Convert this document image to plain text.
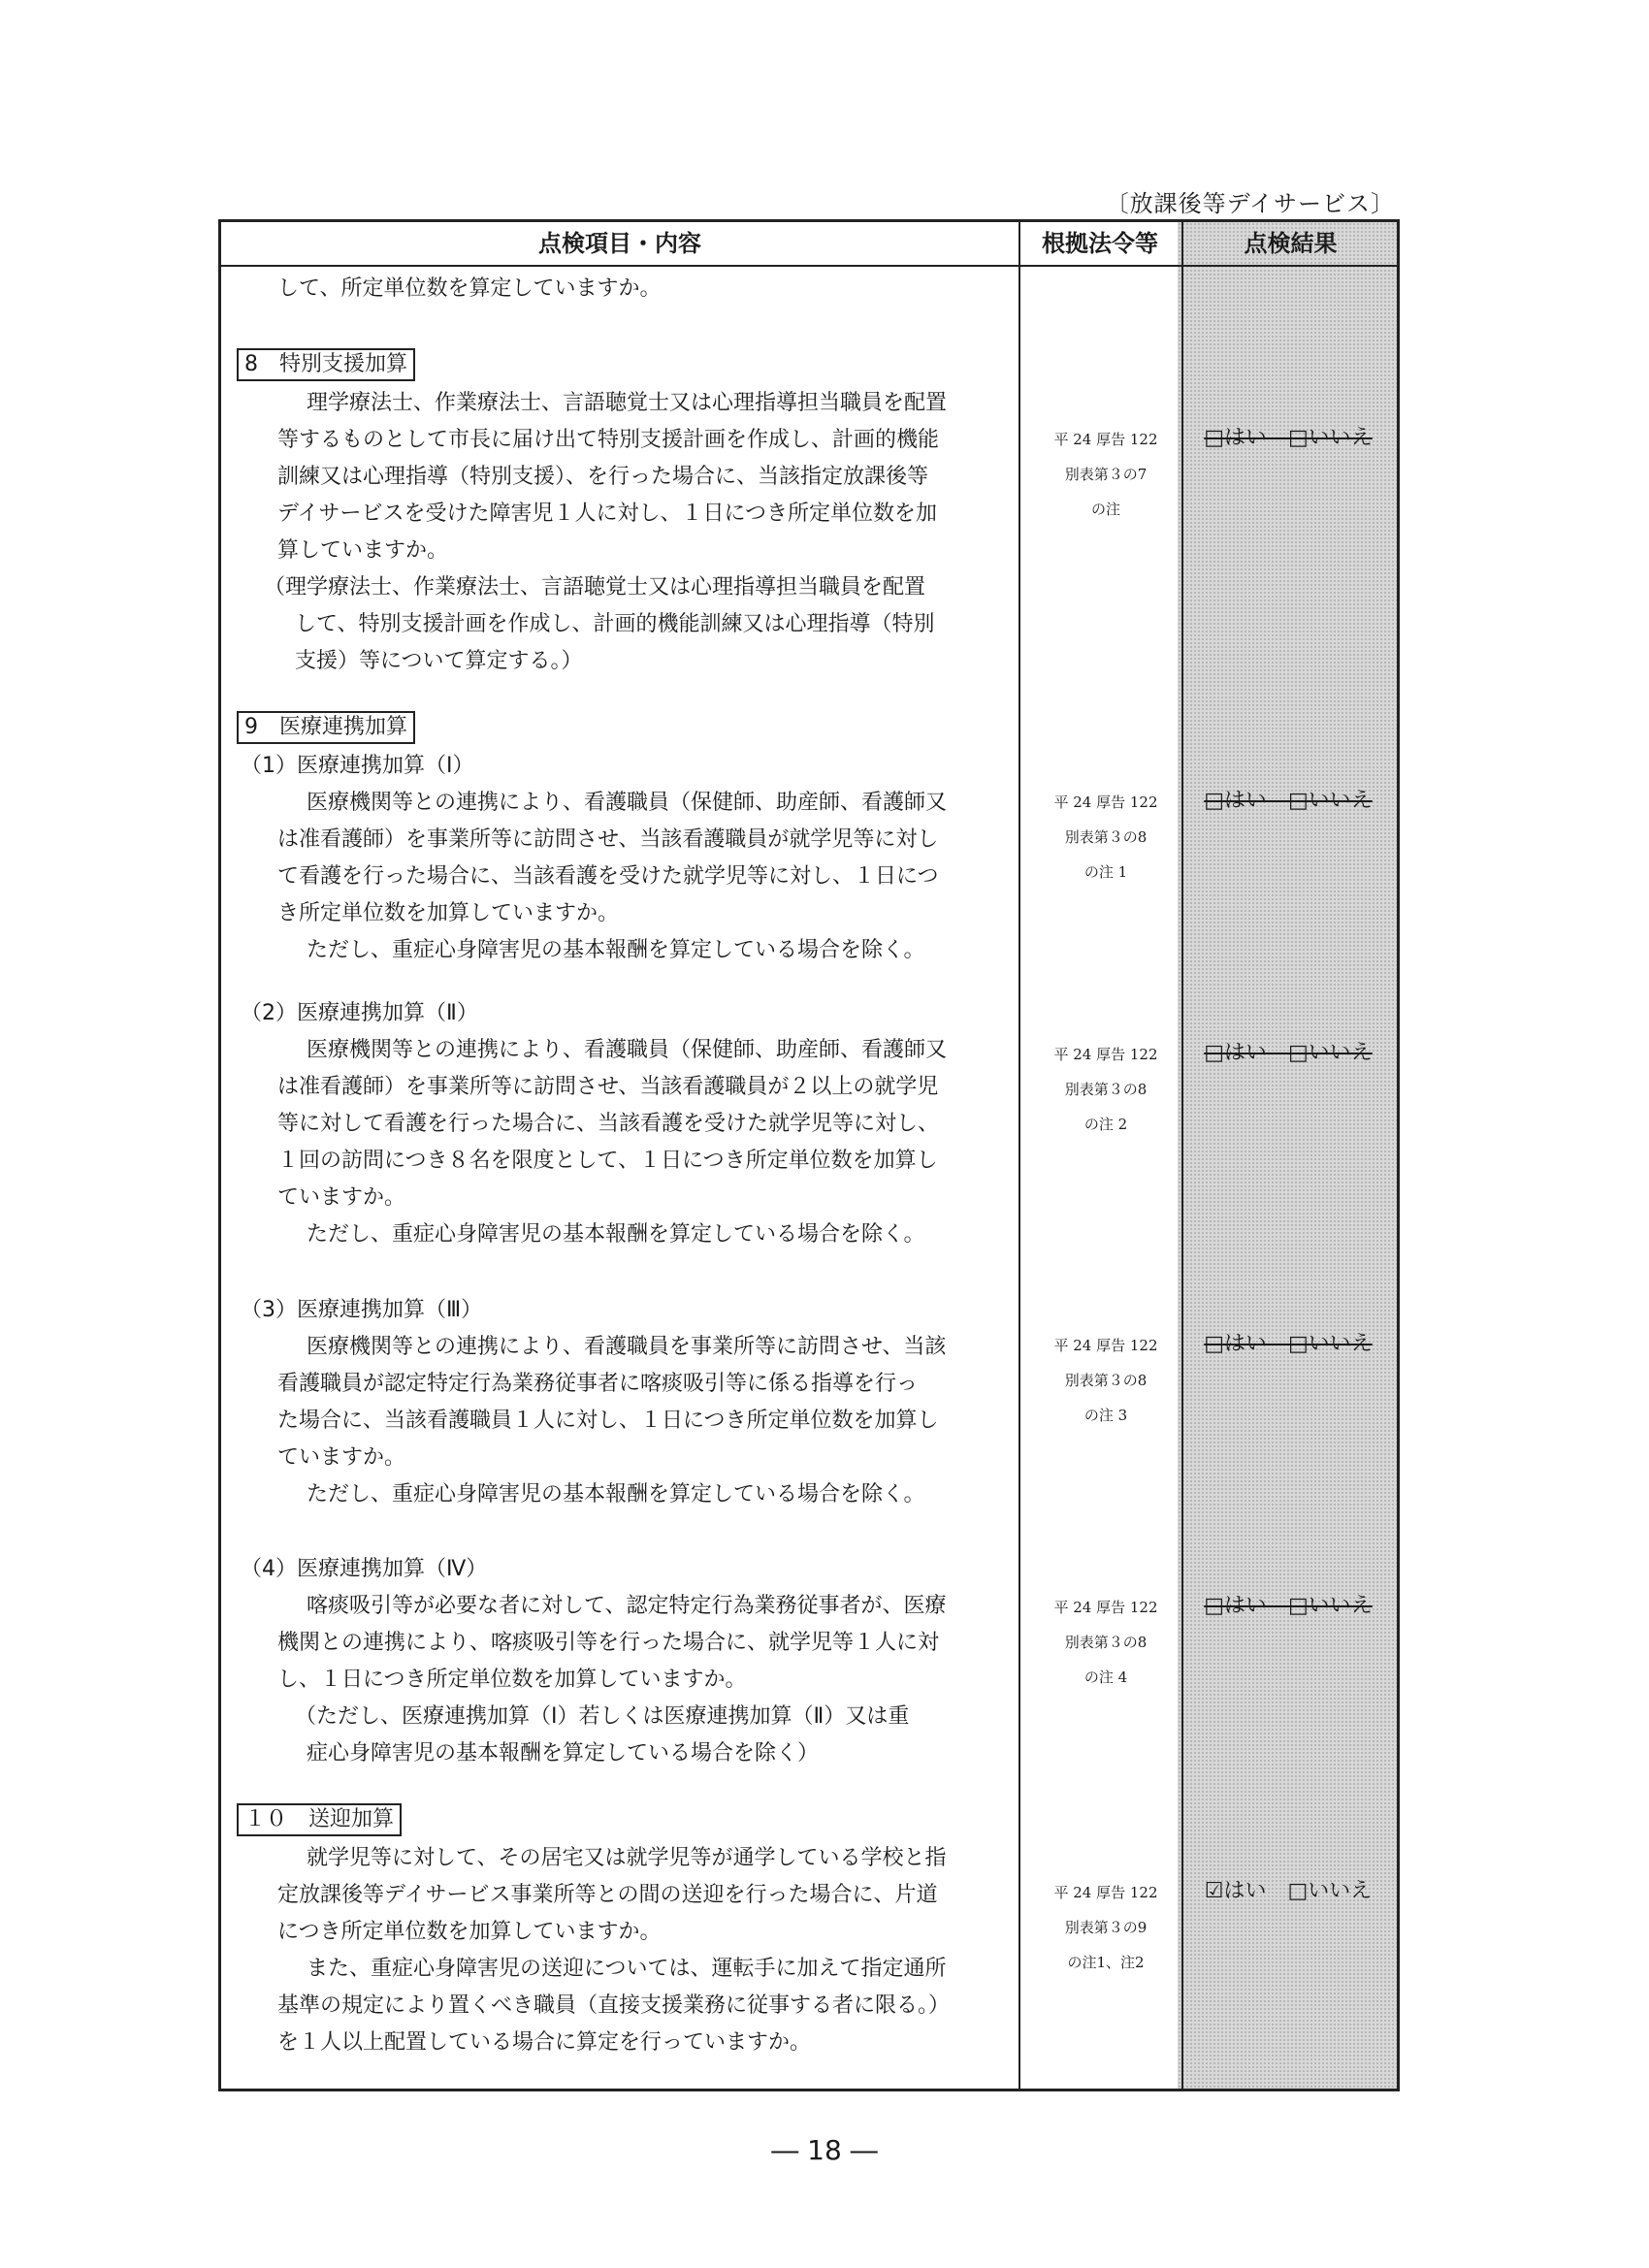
〔放課後等デイサービス〕
点検項目・内容	根拠法令等	点検結果
して、所定単位数を算定していますか。
8　特別支援加算
理学療法士、作業療法士、言語聴覚士又は心理指導担当職員を配置
等するものとして市長に届け出て特別支援計画を作成し、計画的機能
訓練又は心理指導（特別支援）、を行った場合に、当該指定放課後等
デイサービスを受けた障害児１人に対し、１日につき所定単位数を加
算していますか。
（理学療法士、作業療法士、言語聴覚士又は心理指導担当職員を配置
して、特別支援計画を作成し、計画的機能訓練又は心理指導（特別
支援）等について算定する。）
平 24 厚告 122
別表第３の7
の注
□はい　□いいえ
9　医療連携加算
（1）医療連携加算（Ⅰ）
医療機関等との連携により、看護職員（保健師、助産師、看護師又
は准看護師）を事業所等に訪問させ、当該看護職員が就学児等に対し
て看護を行った場合に、当該看護を受けた就学児等に対し、１日につ
き所定単位数を加算していますか。
ただし、重症心身障害児の基本報酬を算定している場合を除く。
平 24 厚告 122
別表第３の8
の注 1
□はい　□いいえ
（2）医療連携加算（Ⅱ）
医療機関等との連携により、看護職員（保健師、助産師、看護師又
は准看護師）を事業所等に訪問させ、当該看護職員が２以上の就学児
等に対して看護を行った場合に、当該看護を受けた就学児等に対し、
１回の訪問につき８名を限度として、１日につき所定単位数を加算し
ていますか。
ただし、重症心身障害児の基本報酬を算定している場合を除く。
平 24 厚告 122
別表第３の8
の注 2
□はい　□いいえ
（3）医療連携加算（Ⅲ）
医療機関等との連携により、看護職員を事業所等に訪問させ、当該
看護職員が認定特定行為業務従事者に喀痰吸引等に係る指導を行っ
た場合に、当該看護職員１人に対し、１日につき所定単位数を加算し
ていますか。
ただし、重症心身障害児の基本報酬を算定している場合を除く。
平 24 厚告 122
別表第３の8
の注 3
□はい　□いいえ
（4）医療連携加算（Ⅳ）
喀痰吸引等が必要な者に対して、認定特定行為業務従事者が、医療
機関との連携により、喀痰吸引等を行った場合に、就学児等１人に対
し、１日につき所定単位数を加算していますか。
（ただし、医療連携加算（Ⅰ）若しくは医療連携加算（Ⅱ）又は重
症心身障害児の基本報酬を算定している場合を除く）
平 24 厚告 122
別表第３の8
の注 4
□はい　□いいえ
１０　送迎加算
就学児等に対して、その居宅又は就学児等が通学している学校と指
定放課後等デイサービス事業所等との間の送迎を行った場合に、片道
につき所定単位数を加算していますか。
また、重症心身障害児の送迎については、運転手に加えて指定通所
基準の規定により置くべき職員（直接支援業務に従事する者に限る。）
を１人以上配置している場合に算定を行っていますか。
平 24 厚告 122
別表第３の9
の注1、注2
☑はい　□いいえ
― 18 ―
